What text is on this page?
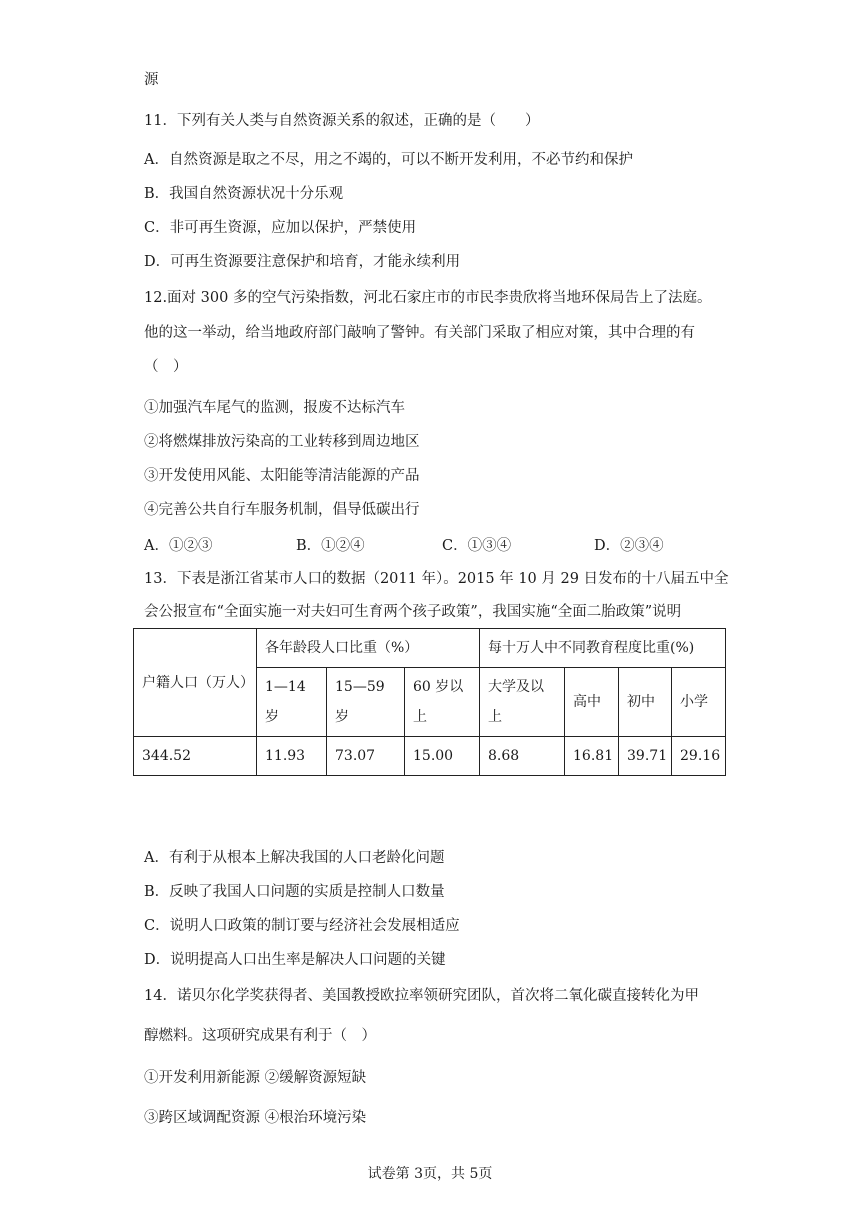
源
11．下列有关人类与自然资源关系的叙述，正确的是（　　）
A．自然资源是取之不尽，用之不竭的，可以不断开发利用，不必节约和保护
B．我国自然资源状况十分乐观
C．非可再生资源，应加以保护，严禁使用
D．可再生资源要注意保护和培育，才能永续利用
12.面对 300 多的空气污染指数，河北石家庄市的市民李贵欣将当地环保局告上了法庭。
他的这一举动，给当地政府部门敲响了警钟。有关部门采取了相应对策，其中合理的有
（　）
①加强汽车尾气的监测，报废不达标汽车
②将燃煤排放污染高的工业转移到周边地区
③开发使用风能、太阳能等清洁能源的产品
④完善公共自行车服务机制，倡导低碳出行
A．①②③	B．①②④	C．①③④	D．②③④
13．下表是浙江省某市人口的数据（2011 年）。2015 年 10 月 29 日发布的十八届五中全
会公报宣布“全面实施一对夫妇可生育两个孩子政策”，我国实施“全面二胎政策”说明
户籍人口（万人）	各年龄段人口比重（%）			每十万人中不同教育程度比重(%)			
	1—14岁	15—59岁	60 岁以上	大学及以上	高中	初中	小学
344.52	11.93	73.07	15.00	8.68	16.81	39.71	29.16
A．有利于从根本上解决我国的人口老龄化问题
B．反映了我国人口问题的实质是控制人口数量
C．说明人口政策的制订要与经济社会发展相适应
D．说明提高人口出生率是解决人口问题的关键
14．诺贝尔化学奖获得者、美国教授欧拉率领研究团队，首次将二氧化碳直接转化为甲
醇燃料。这项研究成果有利于（　）
①开发利用新能源 ②缓解资源短缺
③跨区域调配资源 ④根治环境污染
试卷第 3页，共 5页
